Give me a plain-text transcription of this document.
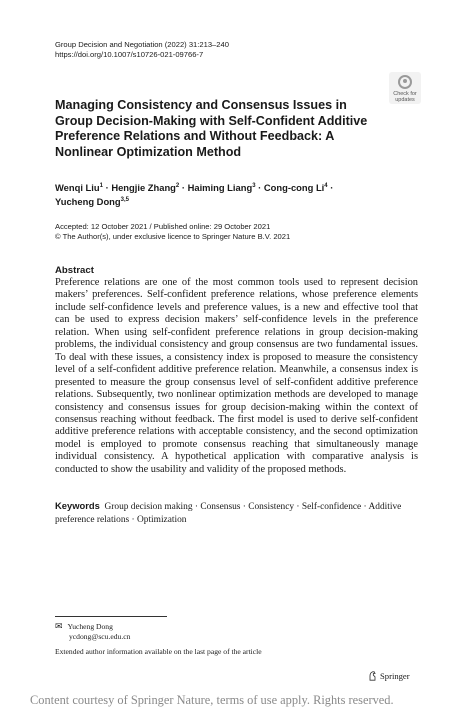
Group Decision and Negotiation (2022) 31:213–240
https://doi.org/10.1007/s10726-021-09766-7
Check for
updates
Managing Consistency and Consensus Issues in Group Decision-Making with Self-Confident Additive Preference Relations and Without Feedback: A Nonlinear Optimization Method
Wenqi Liu$^1$ · Hengjie Zhang$^2$ · Haiming Liang$^3$ · Cong-cong $Li^4$ ·
Yucheng Dong$^{3,5}$
Accepted: 12 October 2021 / Published online: 29 October 2021
© The Author(s), under exclusive licence to Springer Nature B.V. 2021
Abstract
Preference relations are one of the most common tools used to represent decision makers’ preferences. Self-confident preference relations, whose preference elements include self-confidence levels and preference values, is a new and effective tool that can be used to express decision makers’ self-confidence levels in the preference relation. When using self-confident preference relations in group decision-making problems, the individual consistency and group consensus are two fundamental issues. To deal with these issues, a consistency index is proposed to measure the consistency level of a self-confident additive preference relation. Meanwhile, a consensus index is presented to measure the group consensus level of self-confident additive preference relations. Subsequently, two nonlinear optimization methods are developed to manage consistency and consensus issues for group decision-making within the context of consensus reaching without feedback. The first model is used to derive self-confident additive preference relations with acceptable consistency, and the second optimization model is employed to promote consensus reaching that simultaneously manage individual consistency. A hypothetical application with comparative analysis is conducted to show the usability and validity of the proposed methods.
Keywords Group decision making · Consensus · Consistency · Self-confidence · Additive preference relations · Optimization
✉ Yucheng Dong
ycdong@scu.edu.cn
Extended author information available on the last page of the article
Springer
Content courtesy of Springer Nature, terms of use apply. Rights reserved.
